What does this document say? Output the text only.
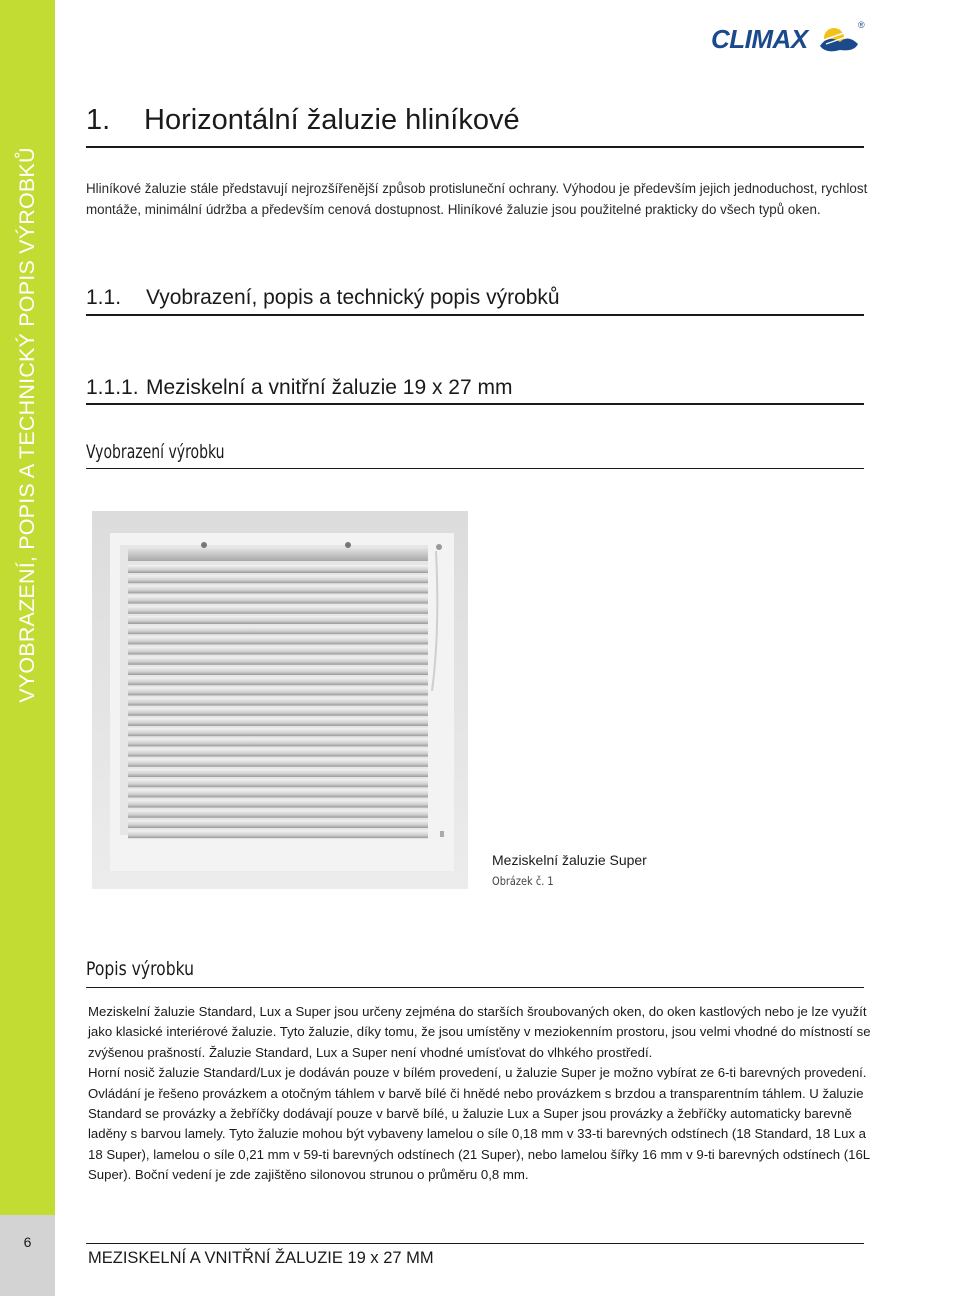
VYOBRAZENÍ, POPIS A TECHNICKÝ POPIS VÝROBKŮ
6
CLIMAX	®
1. Horizontální žaluzie hliníkové
Hliníkové žaluzie stále představují nejrozšířenější způsob protisluneční ochrany. Výhodou je především jejich jednoduchost, rychlost montáže, minimální údržba a především cenová dostupnost. Hliníkové žaluzie jsou použitelné prakticky do všech typů oken.
1.1. Vyobrazení, popis a technický popis výrobků
1.1.1. Meziskelní a vnitřní žaluzie 19 x 27 mm
Vyobrazení výrobku
Meziskelní žaluzie Super
Obrázek č. 1
Popis výrobku

Meziskelní žaluzie Standard, Lux a Super jsou určeny zejména do starších šroubovaných oken, do oken kastlových nebo je lze využít jako klasické interiérové žaluzie. Tyto žaluzie, díky tomu, že jsou umístěny v meziokenním prostoru, jsou velmi vhodné do místností se zvýšenou prašností. Žaluzie Standard, Lux a Super není vhodné umísťovat do vlhkého prostředí.

Horní nosič žaluzie Standard/Lux je dodáván pouze v bílém provedení, u žaluzie Super je možno vybírat ze 6-ti barevných provedení. Ovládání je řešeno provázkem a otočným táhlem v barvě bílé či hnědé nebo provázkem s brzdou a transparentním táhlem. U žaluzie Standard se provázky a žebříčky dodávají pouze v barvě bílé, u žaluzie Lux a Super jsou provázky a žebříčky automaticky barevně laděny s barvou lamely. Tyto žaluzie mohou být vybaveny lamelou o síle 0,18 mm v 33-ti barevných odstínech (18 Standard, 18 Lux a 18 Super), lamelou o síle 0,21 mm v 59-ti barevných odstínech (21 Super), nebo lamelou šířky 16 mm v 9-ti barevných odstínech (16L Super). Boční vedení je zde zajištěno silonovou strunou o průměru 0,8 mm.

MEZISKELNÍ A VNITŘNÍ ŽALUZIE 19 x 27 MM
